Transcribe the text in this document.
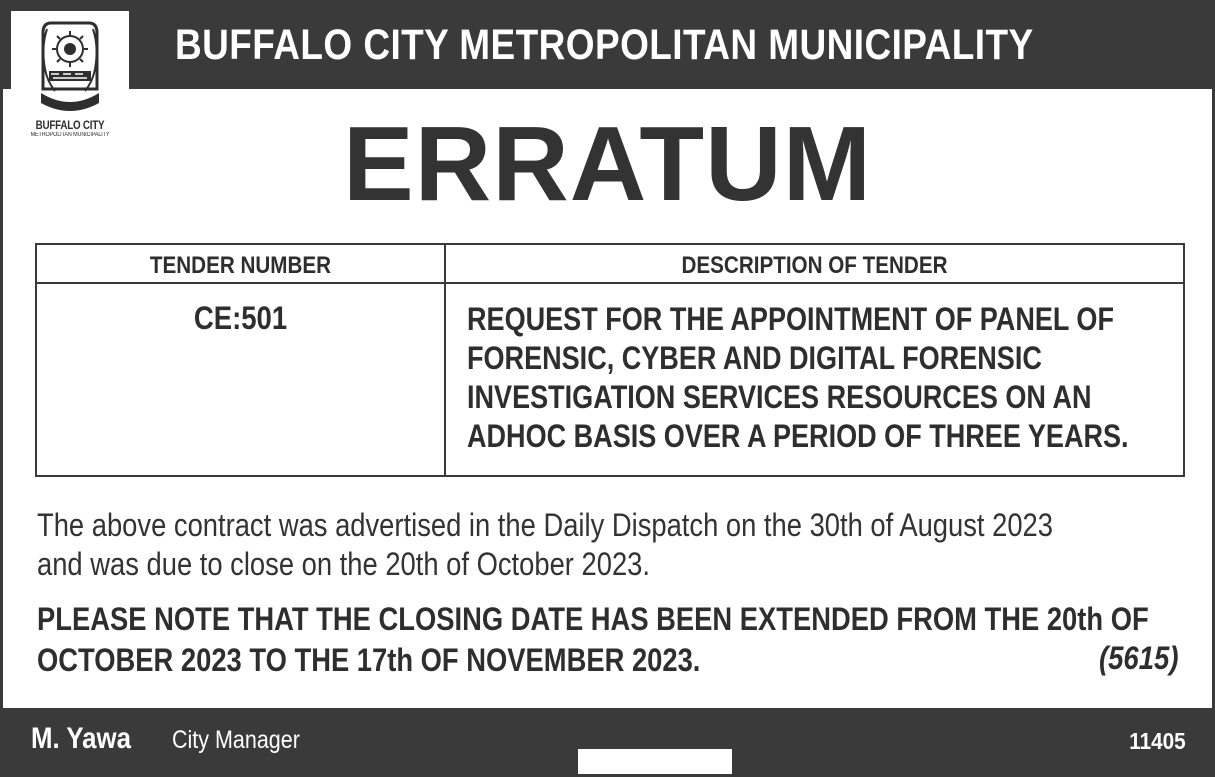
BUFFALO CITY METROPOLITAN MUNICIPALITY
BUFFALO CITY
METROPOLITAN MUNICIPALITY	ERRATUM
TENDER NUMBER	DESCRIPTION OF TENDER
CE:501	REQUEST FOR THE APPOINTMENT OF PANEL OF
FORENSIC, CYBER AND DIGITAL FORENSIC
INVESTIGATION SERVICES RESOURCES ON AN
ADHOC BASIS OVER A PERIOD OF THREE YEARS.
The above contract was advertised in the Daily Dispatch on the 30th of August 2023
and was due to close on the 20th of October 2023.
PLEASE NOTE THAT THE CLOSING DATE HAS BEEN EXTENDED FROM THE 20th OF
OCTOBER 2023 TO THE 17th OF NOVEMBER 2023.	(5615)
M. Yawa City Manager	11405
